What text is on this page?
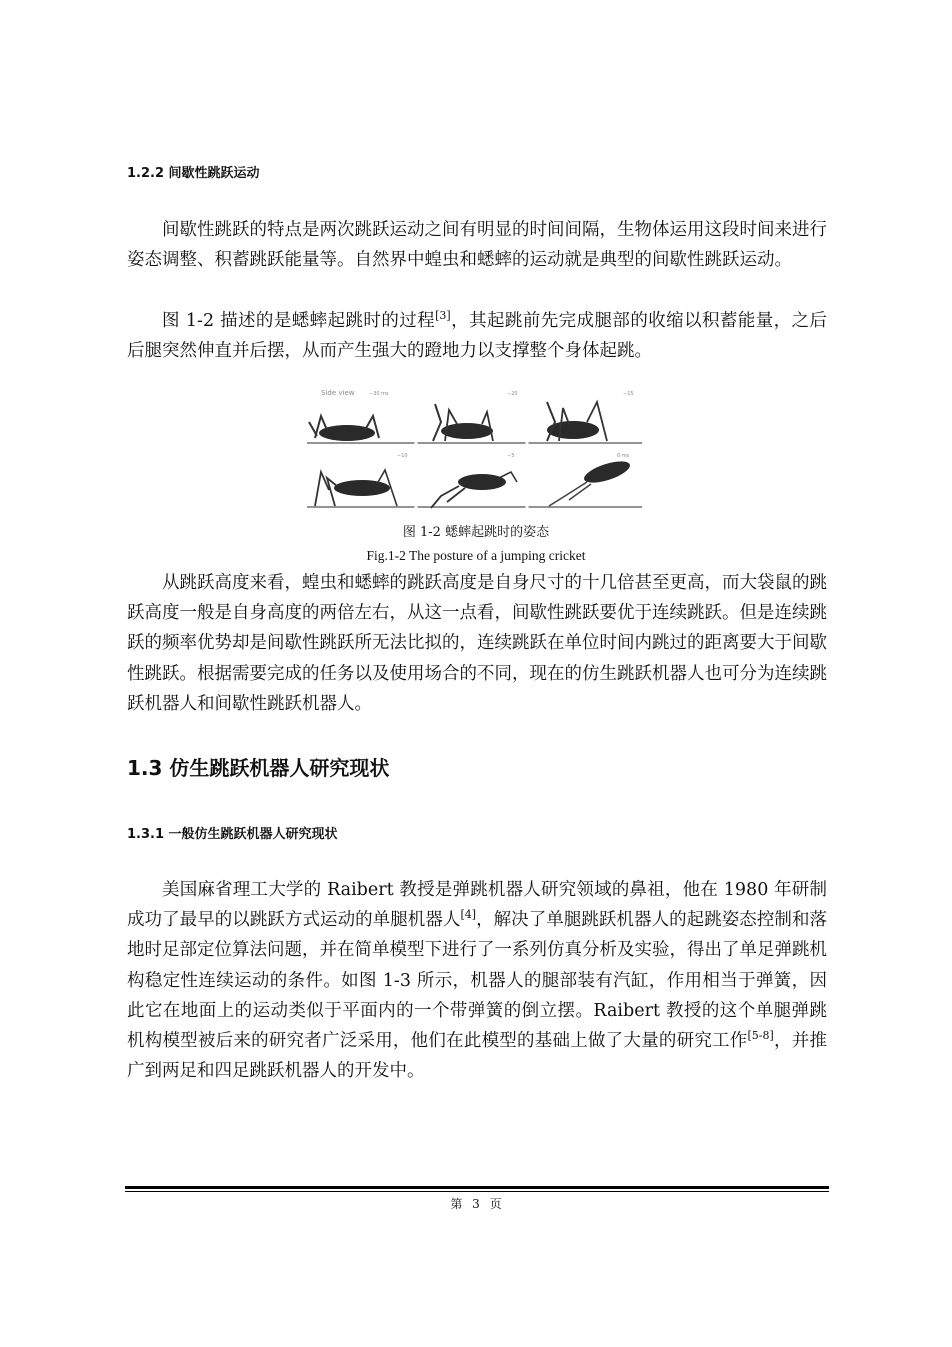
1.2.2 间歇性跳跃运动

间歇性跳跃的特点是两次跳跃运动之间有明显的时间间隔，生物体运用这段时间来进行姿态调整、积蓄跳跃能量等。自然界中蝗虫和蟋蟀的运动就是典型的间歇性跳跃运动。

图 1-2 描述的是蟋蟀起跳时的过程[3]，其起跳前先完成腿部的收缩以积蓄能量，之后后腿突然伸直并后摆，从而产生强大的蹬地力以支撑整个身体起跳。

Side view	−30 ms	−20	−15
−10	−5	0 ms
图 1-2 蟋蟀起跳时的姿态
Fig.1-2 The posture of a jumping cricket

从跳跃高度来看，蝗虫和蟋蟀的跳跃高度是自身尺寸的十几倍甚至更高，而大袋鼠的跳跃高度一般是自身高度的两倍左右，从这一点看，间歇性跳跃要优于连续跳跃。但是连续跳跃的频率优势却是间歇性跳跃所无法比拟的，连续跳跃在单位时间内跳过的距离要大于间歇性跳跃。根据需要完成的任务以及使用场合的不同，现在的仿生跳跃机器人也可分为连续跳跃机器人和间歇性跳跃机器人。

1.3 仿生跳跃机器人研究现状
1.3.1 一般仿生跳跃机器人研究现状

美国麻省理工大学的 Raibert 教授是弹跳机器人研究领域的鼻祖，他在 1980 年研制成功了最早的以跳跃方式运动的单腿机器人[4]，解决了单腿跳跃机器人的起跳姿态控制和落地时足部定位算法问题，并在简单模型下进行了一系列仿真分析及实验，得出了单足弹跳机构稳定性连续运动的条件。如图 1-3 所示，机器人的腿部装有汽缸，作用相当于弹簧，因此它在地面上的运动类似于平面内的一个带弹簧的倒立摆。Raibert 教授的这个单腿弹跳机构模型被后来的研究者广泛采用，他们在此模型的基础上做了大量的研究工作[5-8]，并推广到两足和四足跳跃机器人的开发中。

第 3 页
